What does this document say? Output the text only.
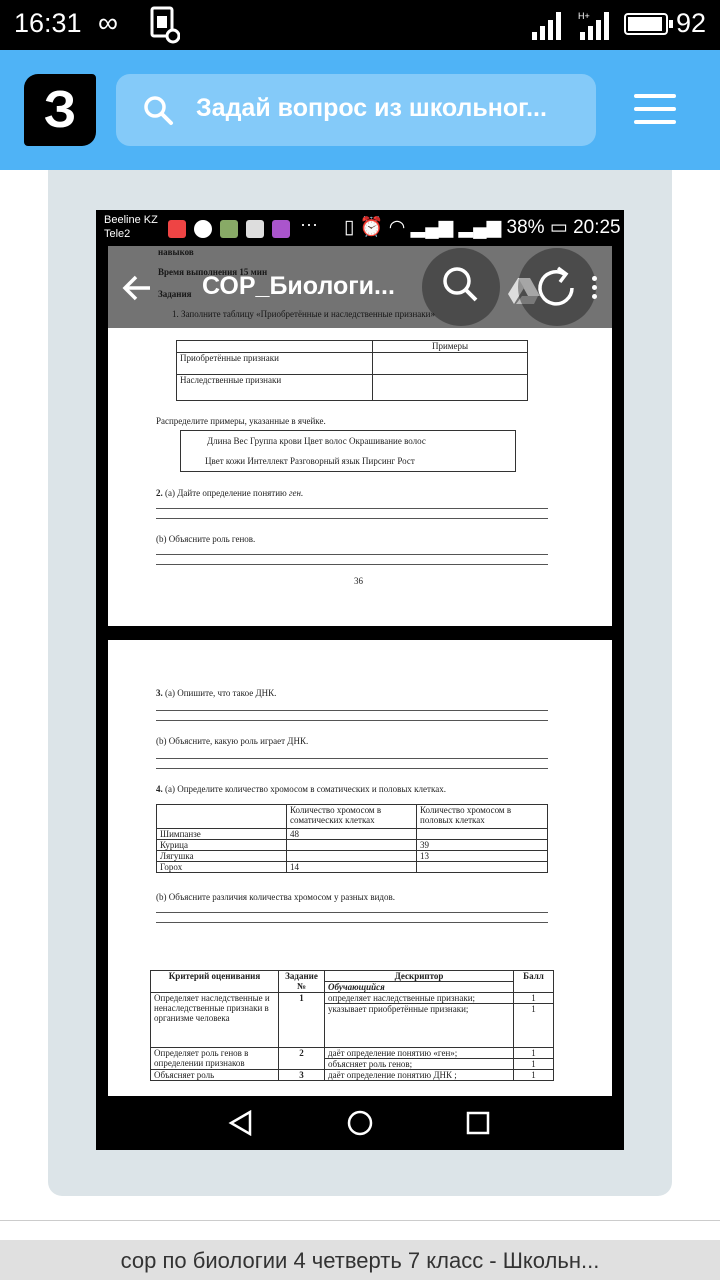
16:31 ∞	H+	92
З	Задай вопрос из школьног...
Beeline KZ
Tele2	··· ▯ ⏰ ◠ ▂▄▆ ▂▄▆ 38% ▭ 20:25
СОР_Биологи...
	Примеры
Приобретённые признаки	
Наследственные признаки	
Распределите примеры, указанные в ячейке.
Длина Вес Группа крови Цвет волос Окрашивание волос
Цвет кожи Интеллект Разговорный язык Пирсинг Рост
2. (а) Дайте определение понятию ген.
(b) Объясните роль генов.
36
3. (а) Опишите, что такое ДНК.
(b) Объясните, какую роль играет ДНК.
4. (а) Определите количество хромосом в соматических и половых клетках.
	Количество хромосом в соматических клетках	Количество хромосом в половых клетках
Шимпанзе	48	
Курица		39
Лягушка		13
Горох	14	
(b) Объясните различия количества хромосом у разных видов.
Критерий оценивания	Задание №	Дескриптор	Балл
		Обучающийся	
Определяет наследственные и ненаследственные признаки в организме человека	1	определяет наследственные признаки;	1
		указывает приобретённые признаки;	1
Определяет роль генов в определении признаков	2	даёт определение понятию «ген»;	1
		объясняет роль генов;	1
Объясняет роль	3	даёт определение понятию ДНК ;	1
сор по биологии 4 четверть 7 класс - Школьн...
